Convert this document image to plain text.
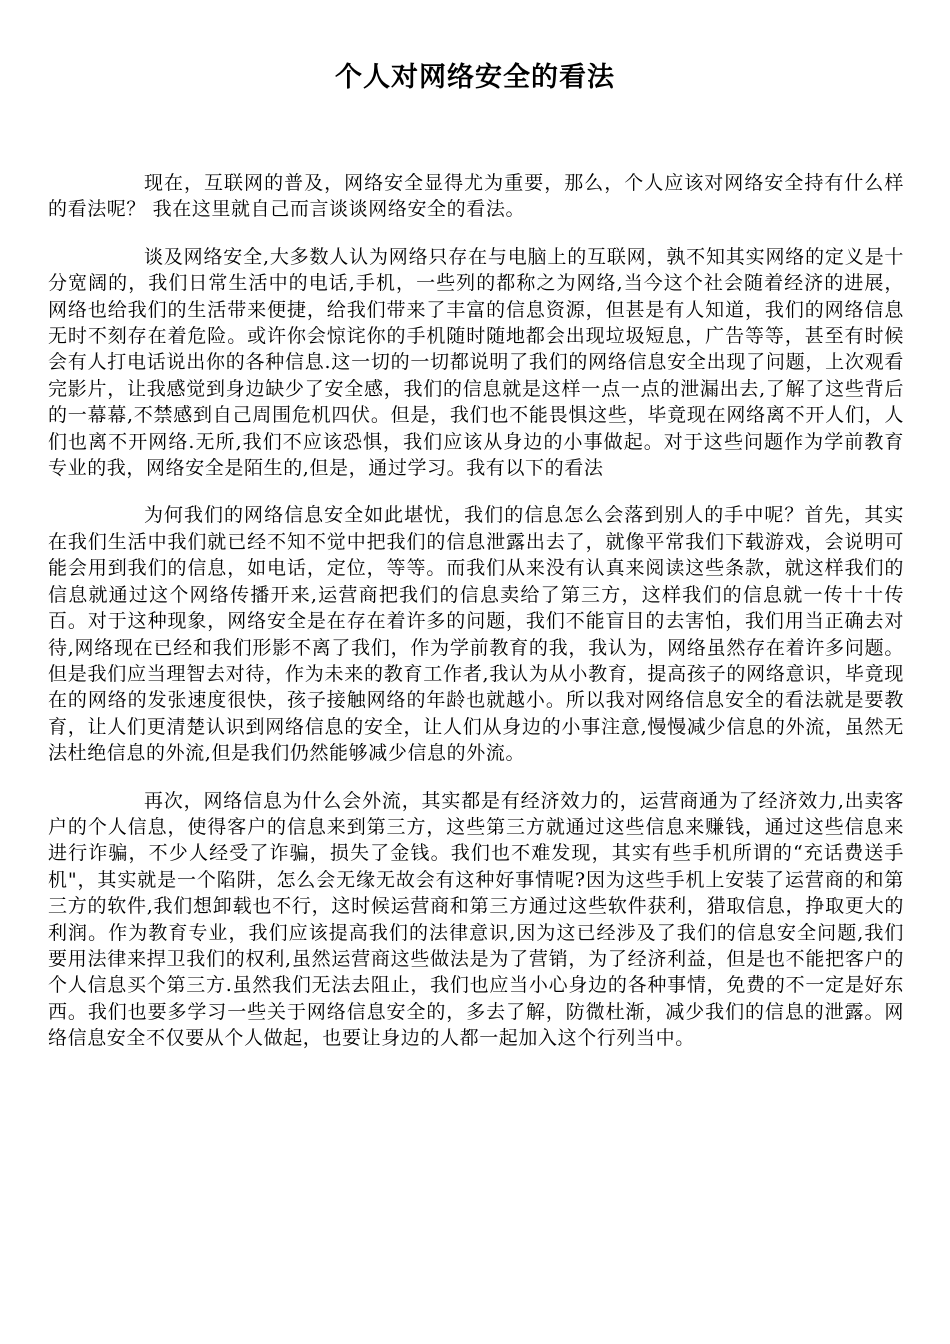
个人对网络安全的看法

现在，互联网的普及，网络安全显得尤为重要，那么，个人应该对网络安全持有什么样的看法呢？ 我在这里就自己而言谈谈网络安全的看法。

谈及网络安全,大多数人认为网络只存在与电脑上的互联网，孰不知其实网络的定义是十分宽阔的，我们日常生活中的电话,手机，一些列的都称之为网络,当今这个社会随着经济的进展，网络也给我们的生活带来便捷，给我们带来了丰富的信息资源，但甚是有人知道，我们的网络信息无时不刻存在着危险。或许你会惊诧你的手机随时随地都会出现垃圾短息，广告等等，甚至有时候会有人打电话说出你的各种信息.这一切的一切都说明了我们的网络信息安全出现了问题，上次观看完影片，让我感觉到身边缺少了安全感，我们的信息就是这样一点一点的泄漏出去,了解了这些背后的一幕幕,不禁感到自己周围危机四伏。但是，我们也不能畏惧这些，毕竟现在网络离不开人们，人们也离不开网络.无所,我们不应该恐惧，我们应该从身边的小事做起。对于这些问题作为学前教育专业的我，网络安全是陌生的,但是，通过学习。我有以下的看法

为何我们的网络信息安全如此堪忧，我们的信息怎么会落到别人的手中呢？首先，其实在我们生活中我们就已经不知不觉中把我们的信息泄露出去了，就像平常我们下载游戏，会说明可能会用到我们的信息，如电话，定位，等等。而我们从来没有认真来阅读这些条款，就这样我们的信息就通过这个网络传播开来,运营商把我们的信息卖给了第三方，这样我们的信息就一传十十传百。对于这种现象，网络安全是在存在着许多的问题，我们不能盲目的去害怕，我们用当正确去对待,网络现在已经和我们形影不离了我们，作为学前教育的我，我认为，网络虽然存在着许多问题。但是我们应当理智去对待，作为未来的教育工作者,我认为从小教育，提高孩子的网络意识，毕竟现在的网络的发张速度很快，孩子接触网络的年龄也就越小。所以我对网络信息安全的看法就是要教育，让人们更清楚认识到网络信息的安全，让人们从身边的小事注意,慢慢减少信息的外流，虽然无法杜绝信息的外流,但是我们仍然能够减少信息的外流。

再次，网络信息为什么会外流，其实都是有经济效力的，运营商通为了经济效力,出卖客户的个人信息，使得客户的信息来到第三方，这些第三方就通过这些信息来赚钱，通过这些信息来进行诈骗，不少人经受了诈骗，损失了金钱。我们也不难发现，其实有些手机所谓的“充话费送手机"，其实就是一个陷阱，怎么会无缘无故会有这种好事情呢?因为这些手机上安装了运营商的和第三方的软件,我们想卸载也不行，这时候运营商和第三方通过这些软件获利，猎取信息，挣取更大的利润。作为教育专业，我们应该提高我们的法律意识,因为这已经涉及了我们的信息安全问题,我们要用法律来捍卫我们的权利,虽然运营商这些做法是为了营销，为了经济利益，但是也不能把客户的个人信息买个第三方.虽然我们无法去阻止，我们也应当小心身边的各种事情，免费的不一定是好东西。我们也要多学习一些关于网络信息安全的，多去了解，防微杜渐，减少我们的信息的泄露。网络信息安全不仅要从个人做起，也要让身边的人都一起加入这个行列当中。
